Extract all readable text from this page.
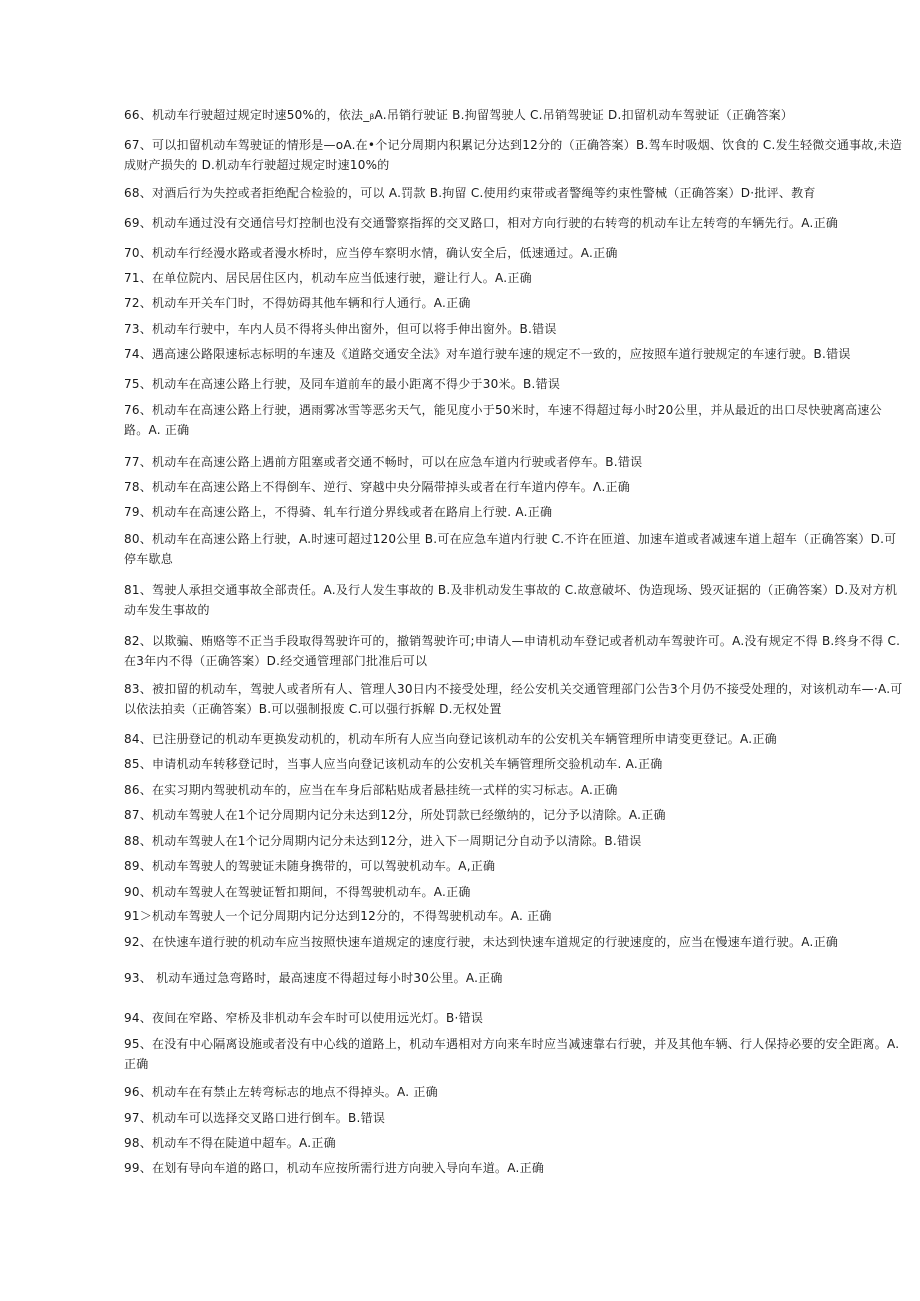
66、机动车行驶超过规定时速50%的，依法_ᵦA.吊销行驶证 B.拘留驾驶人 C.吊销驾驶证 D.扣留机动车驾驶证（正确答案）
67、可以扣留机动车驾驶证的情形是—oA.在•个记分周期内积累记分达到12分的（正确答案）B.驾车时吸烟、饮食的 C.发生轻微交通事故,未造成财产损失的 D.机动车行驶超过规定时速10%的
68、对酒后行为失控或者拒绝配合检验的，可以 A.罚款 B.拘留 C.使用约束带或者警绳等约束性警械（正确答案）D·批评、教育
69、机动车通过没有交通信号灯控制也没有交通警察指挥的交叉路口，相对方向行驶的右转弯的机动车让左转弯的车辆先行。A.正确
70、机动车行经漫水路或者漫水桥时，应当停车察明水情，确认安全后，低速通过。A.正确
71、在单位院内、居民居住区内，机动车应当低速行驶，避让行人。A.正确
72、机动车开关车门时，不得妨碍其他车辆和行人通行。A.正确
73、机动车行驶中，车内人员不得将头伸出窗外，但可以将手伸出窗外。B.错误
74、遇高速公路限速标志标明的车速及《道路交通安全法》对车道行驶车速的规定不一致的，应按照车道行驶规定的车速行驶。B.错误
75、机动车在高速公路上行驶，及同车道前车的最小距离不得少于30米。B.错误
76、机动车在高速公路上行驶，遇雨雾冰雪等恶劣天气，能见度小于50米时，车速不得超过每小时20公里，并从最近的出口尽快驶离高速公路。A. 正确
77、机动车在高速公路上遇前方阻塞或者交通不畅时，可以在应急车道内行驶或者停车。B.错误
78、机动车在高速公路上不得倒车、逆行、穿越中央分隔带掉头或者在行车道内停车。Λ.正确
79、机动车在高速公路上，不得骑、轧车行道分界线或者在路肩上行驶. A.正确
80、机动车在高速公路上行驶，A.时速可超过120公里 B.可在应急车道内行驶 C.不许在匝道、加速车道或者减速车道上超车（正确答案）D.可停车歇息
81、驾驶人承担交通事故全部责任。A.及行人发生事故的 B.及非机动发生事故的 C.故意破坏、伪造现场、毁灭证据的（正确答案）D.及对方机动车发生事故的
82、以欺骗、贿赂等不正当手段取得驾驶许可的，撤销驾驶许可;申请人—申请机动车登记或者机动车驾驶许可。A.没有规定不得 B.终身不得 C.在3年内不得（正确答案）D.经交通管理部门批准后可以
83、被扣留的机动车，驾驶人或者所有人、管理人30日内不接受处理，经公安机关交通管理部门公告3个月仍不接受处理的，对该机动车—·A.可以依法拍卖（正确答案）B.可以强制报废 C.可以强行拆解 D.无权处置
84、已注册登记的机动车更换发动机的，机动车所有人应当向登记该机动车的公安机关车辆管理所申请变更登记。A.正确
85、申请机动车转移登记时，当事人应当向登记该机动车的公安机关车辆管理所交验机动车. A.正确
86、在实习期内驾驶机动车的，应当在车身后部粘贴成者悬挂统一式样的实习标志。A.正确
87、机动车驾驶人在1个记分周期内记分未达到12分，所处罚款已经缴纳的，记分予以清除。A.正确
88、机动车驾驶人在1个记分周期内记分未达到12分，进入下一周期记分自动予以清除。B.错误
89、机动车驾驶人的驾驶证未随身携带的，可以驾驶机动车。A,正确
90、机动车驾驶人在驾驶证暂扣期间，不得驾驶机动车。A.正确
91＞机动车驾驶人一个记分周期内记分达到12分的，不得驾驶机动车。A. 正确
92、在快速车道行驶的机动车应当按照快速车道规定的速度行驶，未达到快速车道规定的行驶速度的，应当在慢速车道行驶。A.正确
93、 机动车通过急弯路时，最高速度不得超过每小时30公里。A.正确
94、夜间在窄路、窄桥及非机动车会车时可以使用远光灯。B·错误
95、在没有中心隔离设施或者没有中心线的道路上，机动车遇相对方向来车时应当减速靠右行驶，并及其他车辆、行人保持必要的安全距离。A.正确
96、机动车在有禁止左转弯标志的地点不得掉头。A. 正确
97、机动车可以选择交叉路口进行倒车。B.错误
98、机动车不得在陡道中超车。A.正确
99、在划有导向车道的路口，机动车应按所需行进方向驶入导向车道。A.正确
